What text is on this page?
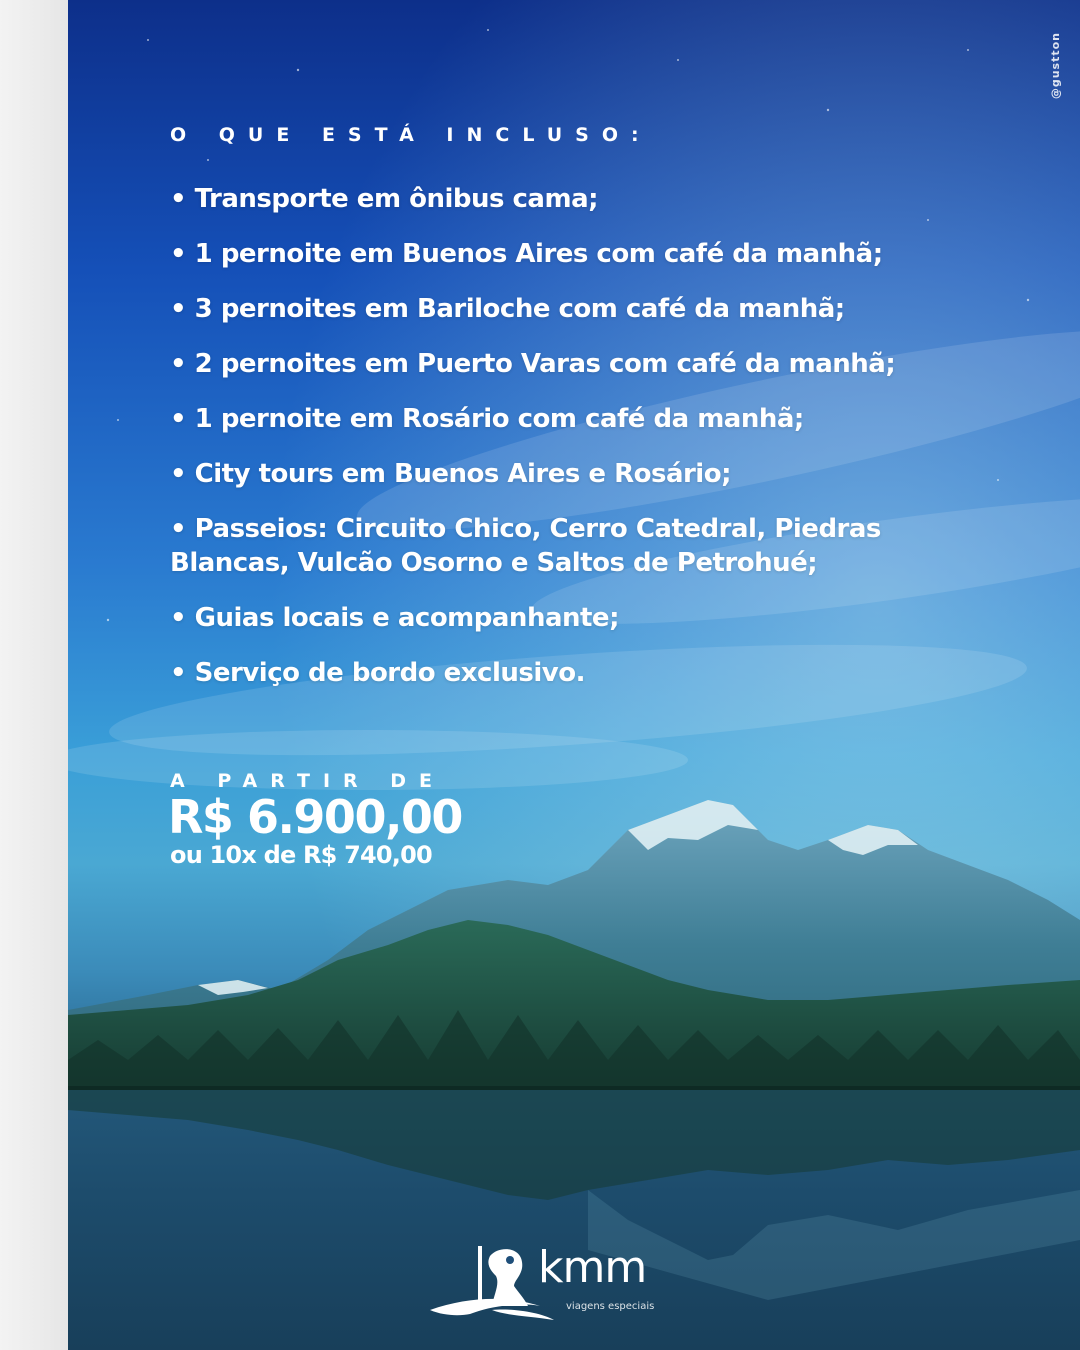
@gustton
O QUE ESTÁ INCLUSO:
• Transporte em ônibus cama;
• 1 pernoite em Buenos Aires com café da manhã;
• 3 pernoites em Bariloche com café da manhã;
• 2 pernoites em Puerto Varas com café da manhã;
• 1 pernoite em Rosário com café da manhã;
• City tours em Buenos Aires e Rosário;
• Passeios: Circuito Chico, Cerro Catedral, Piedras Blancas, Vulcão Osorno e Saltos de Petrohué;
• Guias locais e acompanhante;
• Serviço de bordo exclusivo.
A PARTIR DE
R$ 6.900,00
ou 10x de R$ 740,00
kmm
viagens especiais
